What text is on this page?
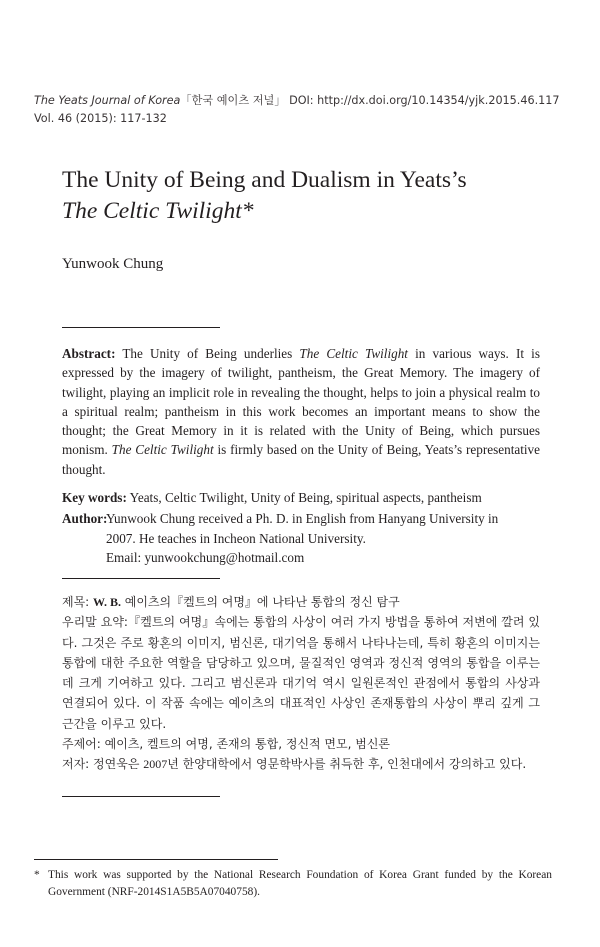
The Yeats Journal of Korea「한국 예이츠 저널」 DOI: http://dx.doi.org/10.14354/yjk.2015.46.117
Vol. 46 (2015): 117-132
The Unity of Being and Dualism in Yeats’s
The Celtic Twilight*
Yunwook Chung

Abstract: The Unity of Being underlies The Celtic Twilight in various ways. It is expressed by the imagery of twilight, pantheism, the Great Memory. The imagery of twilight, playing an implicit role in revealing the thought, helps to join a physical realm to a spiritual realm; pantheism in this work becomes an important means to show the thought; the Great Memory in it is related with the Unity of Being, which pursues monism. The Celtic Twilight is firmly based on the Unity of Being, Yeats’s representative thought.

Key words: Yeats, Celtic Twilight, Unity of Being, spiritual aspects, pantheism
Author:
Yunwook Chung received a Ph. D. in English from Hanyang University in
2007. He teaches in Incheon National University.
Email: yunwookchung@hotmail.com

제목: W. B. 예이츠의『켈트의 여명』에 나타난 통합의 정신 탐구

우리말 요약:『켈트의 여명』속에는 통합의 사상이 여러 가지 방법을 통하여 저변에 깔려 있다. 그것은 주로 황혼의 이미지, 범신론, 대기억을 통해서 나타나는데, 특히 황혼의 이미지는 통합에 대한 주요한 역할을 담당하고 있으며, 물질적인 영역과 정신적 영역의 통합을 이루는데 크게 기여하고 있다. 그리고 범신론과 대기억 역시 일원론적인 관점에서 통합의 사상과 연결되어 있다. 이 작품 속에는 예이츠의 대표적인 사상인 존재통합의 사상이 뿌리 깊게 그 근간을 이루고 있다.

주제어: 예이츠, 켈트의 여명, 존재의 통합, 정신적 면모, 범신론

저자: 정연욱은 2007년 한양대학에서 영문학박사를 취득한 후, 인천대에서 강의하고 있다.

* This work was supported by the National Research Foundation of Korea Grant funded by the Korean Government (NRF-2014S1A5B5A07040758).
